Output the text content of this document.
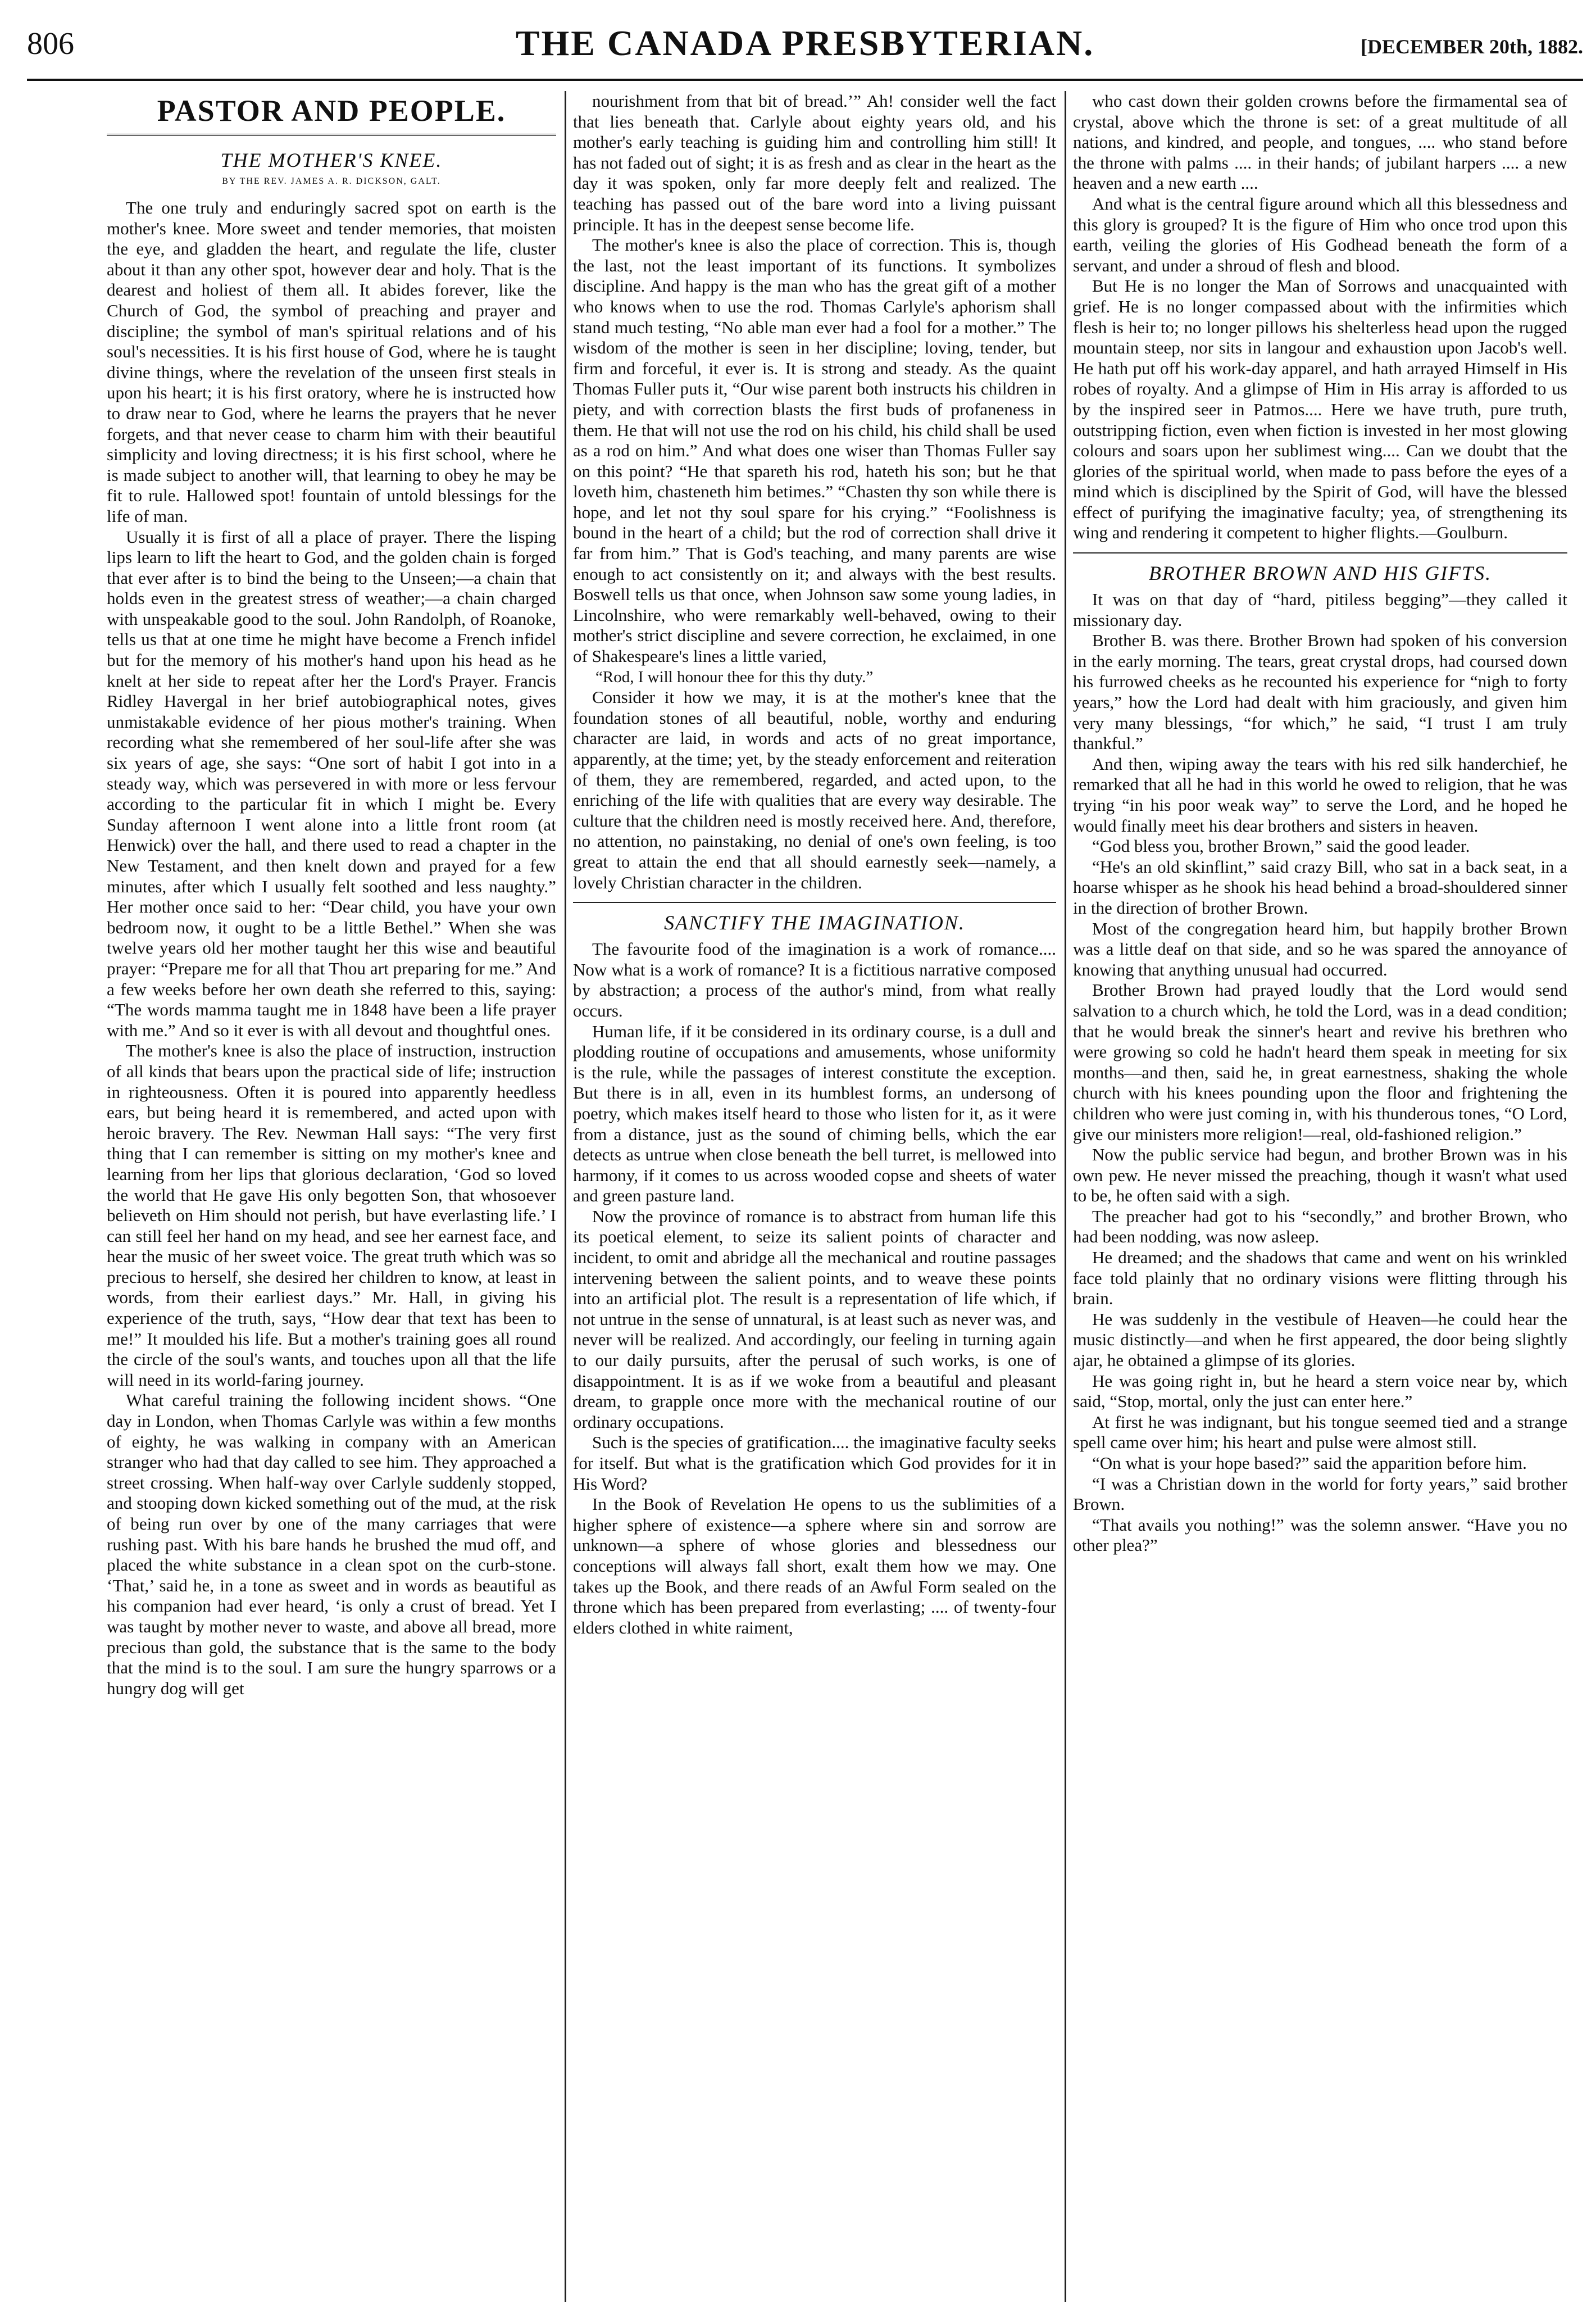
806	THE CANADA PRESBYTERIAN.	[DECEMBER 20th, 1882.
PASTOR AND PEOPLE.
THE MOTHER'S KNEE.
BY THE REV. JAMES A. R. DICKSON, GALT.

The one truly and enduringly sacred spot on earth is the mother's knee. More sweet and tender memories, that moisten the eye, and gladden the heart, and regulate the life, cluster about it than any other spot, however dear and holy. That is the dearest and holiest of them all. It abides forever, like the Church of God, the symbol of preaching and prayer and discipline; the symbol of man's spiritual relations and of his soul's necessities. It is his first house of God, where he is taught divine things, where the revelation of the unseen first steals in upon his heart; it is his first oratory, where he is instructed how to draw near to God, where he learns the prayers that he never forgets, and that never cease to charm him with their beautiful simplicity and loving directness; it is his first school, where he is made subject to another will, that learning to obey he may be fit to rule. Hallowed spot! fountain of untold blessings for the life of man.

Usually it is first of all a place of prayer. There the lisping lips learn to lift the heart to God, and the golden chain is forged that ever after is to bind the being to the Unseen;—a chain that holds even in the greatest stress of weather;—a chain charged with unspeakable good to the soul. John Randolph, of Roanoke, tells us that at one time he might have become a French infidel but for the memory of his mother's hand upon his head as he knelt at her side to repeat after her the Lord's Prayer. Francis Ridley Havergal in her brief autobiographical notes, gives unmistakable evidence of her pious mother's training. When recording what she remembered of her soul-life after she was six years of age, she says: “One sort of habit I got into in a steady way, which was persevered in with more or less fervour according to the particular fit in which I might be. Every Sunday afternoon I went alone into a little front room (at Henwick) over the hall, and there used to read a chapter in the New Testament, and then knelt down and prayed for a few minutes, after which I usually felt soothed and less naughty.” Her mother once said to her: “Dear child, you have your own bedroom now, it ought to be a little Bethel.” When she was twelve years old her mother taught her this wise and beautiful prayer: “Prepare me for all that Thou art preparing for me.” And a few weeks before her own death she referred to this, saying: “The words mamma taught me in 1848 have been a life prayer with me.” And so it ever is with all devout and thoughtful ones.

The mother's knee is also the place of instruction, instruction of all kinds that bears upon the practical side of life; instruction in righteousness. Often it is poured into apparently heedless ears, but being heard it is remembered, and acted upon with heroic bravery. The Rev. Newman Hall says: “The very first thing that I can remember is sitting on my mother's knee and learning from her lips that glorious declaration, ‘God so loved the world that He gave His only begotten Son, that whosoever believeth on Him should not perish, but have everlasting life.’ I can still feel her hand on my head, and see her earnest face, and hear the music of her sweet voice. The great truth which was so precious to herself, she desired her children to know, at least in words, from their earliest days.” Mr. Hall, in giving his experience of the truth, says, “How dear that text has been to me!” It moulded his life. But a mother's training goes all round the circle of the soul's wants, and touches upon all that the life will need in its world-faring journey.

What careful training the following incident shows. “One day in London, when Thomas Carlyle was within a few months of eighty, he was walking in company with an American stranger who had that day called to see him. They approached a street crossing. When half-way over Carlyle suddenly stopped, and stooping down kicked something out of the mud, at the risk of being run over by one of the many carriages that were rushing past. With his bare hands he brushed the mud off, and placed the white substance in a clean spot on the curb-stone. ‘That,’ said he, in a tone as sweet and in words as beautiful as his companion had ever heard, ‘is only a crust of bread. Yet I was taught by mother never to waste, and above all bread, more precious than gold, the substance that is the same to the body that the mind is to the soul. I am sure the hungry sparrows or a hungry dog will get

nourishment from that bit of bread.’” Ah! consider well the fact that lies beneath that. Carlyle about eighty years old, and his mother's early teaching is guiding him and controlling him still! It has not faded out of sight; it is as fresh and as clear in the heart as the day it was spoken, only far more deeply felt and realized. The teaching has passed out of the bare word into a living puissant principle. It has in the deepest sense become life.

The mother's knee is also the place of correction. This is, though the last, not the least important of its functions. It symbolizes discipline. And happy is the man who has the great gift of a mother who knows when to use the rod. Thomas Carlyle's aphorism shall stand much testing, “No able man ever had a fool for a mother.” The wisdom of the mother is seen in her discipline; loving, tender, but firm and forceful, it ever is. It is strong and steady. As the quaint Thomas Fuller puts it, “Our wise parent both instructs his children in piety, and with correction blasts the first buds of profaneness in them. He that will not use the rod on his child, his child shall be used as a rod on him.” And what does one wiser than Thomas Fuller say on this point? “He that spareth his rod, hateth his son; but he that loveth him, chasteneth him betimes.” “Chasten thy son while there is hope, and let not thy soul spare for his crying.” “Foolishness is bound in the heart of a child; but the rod of correction shall drive it far from him.” That is God's teaching, and many parents are wise enough to act consistently on it; and always with the best results. Boswell tells us that once, when Johnson saw some young ladies, in Lincolnshire, who were remarkably well-behaved, owing to their mother's strict discipline and severe correction, he exclaimed, in one of Shakespeare's lines a little varied,

“Rod, I will honour thee for this thy duty.”

Consider it how we may, it is at the mother's knee that the foundation stones of all beautiful, noble, worthy and enduring character are laid, in words and acts of no great importance, apparently, at the time; yet, by the steady enforcement and reiteration of them, they are remembered, regarded, and acted upon, to the enriching of the life with qualities that are every way desirable. The culture that the children need is mostly received here. And, therefore, no attention, no painstaking, no denial of one's own feeling, is too great to attain the end that all should earnestly seek—namely, a lovely Christian character in the children.

SANCTIFY THE IMAGINATION.

The favourite food of the imagination is a work of romance.... Now what is a work of romance? It is a fictitious narrative composed by abstraction; a process of the author's mind, from what really occurs.

Human life, if it be considered in its ordinary course, is a dull and plodding routine of occupations and amusements, whose uniformity is the rule, while the passages of interest constitute the exception. But there is in all, even in its humblest forms, an undersong of poetry, which makes itself heard to those who listen for it, as it were from a distance, just as the sound of chiming bells, which the ear detects as untrue when close beneath the bell turret, is mellowed into harmony, if it comes to us across wooded copse and sheets of water and green pasture land.

Now the province of romance is to abstract from human life this its poetical element, to seize its salient points of character and incident, to omit and abridge all the mechanical and routine passages intervening between the salient points, and to weave these points into an artificial plot. The result is a representation of life which, if not untrue in the sense of unnatural, is at least such as never was, and never will be realized. And accordingly, our feeling in turning again to our daily pursuits, after the perusal of such works, is one of disappointment. It is as if we woke from a beautiful and pleasant dream, to grapple once more with the mechanical routine of our ordinary occupations.

Such is the species of gratification.... the imaginative faculty seeks for itself. But what is the gratification which God provides for it in His Word?

In the Book of Revelation He opens to us the sublimities of a higher sphere of existence—a sphere where sin and sorrow are unknown—a sphere of whose glories and blessedness our conceptions will always fall short, exalt them how we may. One takes up the Book, and there reads of an Awful Form sealed on the throne which has been prepared from everlasting; .... of twenty-four elders clothed in white raiment,

who cast down their golden crowns before the firmamental sea of crystal, above which the throne is set: of a great multitude of all nations, and kindred, and people, and tongues, .... who stand before the throne with palms .... in their hands; of jubilant harpers .... a new heaven and a new earth ....

And what is the central figure around which all this blessedness and this glory is grouped? It is the figure of Him who once trod upon this earth, veiling the glories of His Godhead beneath the form of a servant, and under a shroud of flesh and blood.

But He is no longer the Man of Sorrows and unacquainted with grief. He is no longer compassed about with the infirmities which flesh is heir to; no longer pillows his shelterless head upon the rugged mountain steep, nor sits in langour and exhaustion upon Jacob's well. He hath put off his work-day apparel, and hath arrayed Himself in His robes of royalty. And a glimpse of Him in His array is afforded to us by the inspired seer in Patmos.... Here we have truth, pure truth, outstripping fiction, even when fiction is invested in her most glowing colours and soars upon her sublimest wing.... Can we doubt that the glories of the spiritual world, when made to pass before the eyes of a mind which is disciplined by the Spirit of God, will have the blessed effect of purifying the imaginative faculty; yea, of strengthening its wing and rendering it competent to higher flights.—Goulburn.

BROTHER BROWN AND HIS GIFTS.

It was on that day of “hard, pitiless begging”—they called it missionary day.

Brother B. was there. Brother Brown had spoken of his conversion in the early morning. The tears, great crystal drops, had coursed down his furrowed cheeks as he recounted his experience for “nigh to forty years,” how the Lord had dealt with him graciously, and given him very many blessings, “for which,” he said, “I trust I am truly thankful.”

And then, wiping away the tears with his red silk handerchief, he remarked that all he had in this world he owed to religion, that he was trying “in his poor weak way” to serve the Lord, and he hoped he would finally meet his dear brothers and sisters in heaven.

“God bless you, brother Brown,” said the good leader.

“He's an old skinflint,” said crazy Bill, who sat in a back seat, in a hoarse whisper as he shook his head behind a broad-shouldered sinner in the direction of brother Brown.

Most of the congregation heard him, but happily brother Brown was a little deaf on that side, and so he was spared the annoyance of knowing that anything unusual had occurred.

Brother Brown had prayed loudly that the Lord would send salvation to a church which, he told the Lord, was in a dead condition; that he would break the sinner's heart and revive his brethren who were growing so cold he hadn't heard them speak in meeting for six months—and then, said he, in great earnestness, shaking the whole church with his knees pounding upon the floor and frightening the children who were just coming in, with his thunderous tones, “O Lord, give our ministers more religion!—real, old-fashioned religion.”

Now the public service had begun, and brother Brown was in his own pew. He never missed the preaching, though it wasn't what used to be, he often said with a sigh.

The preacher had got to his “secondly,” and brother Brown, who had been nodding, was now asleep.

He dreamed; and the shadows that came and went on his wrinkled face told plainly that no ordinary visions were flitting through his brain.

He was suddenly in the vestibule of Heaven—he could hear the music distinctly—and when he first appeared, the door being slightly ajar, he obtained a glimpse of its glories.

He was going right in, but he heard a stern voice near by, which said, “Stop, mortal, only the just can enter here.”

At first he was indignant, but his tongue seemed tied and a strange spell came over him; his heart and pulse were almost still.

“On what is your hope based?” said the apparition before him.

“I was a Christian down in the world for forty years,” said brother Brown.

“That avails you nothing!” was the solemn answer. “Have you no other plea?”
